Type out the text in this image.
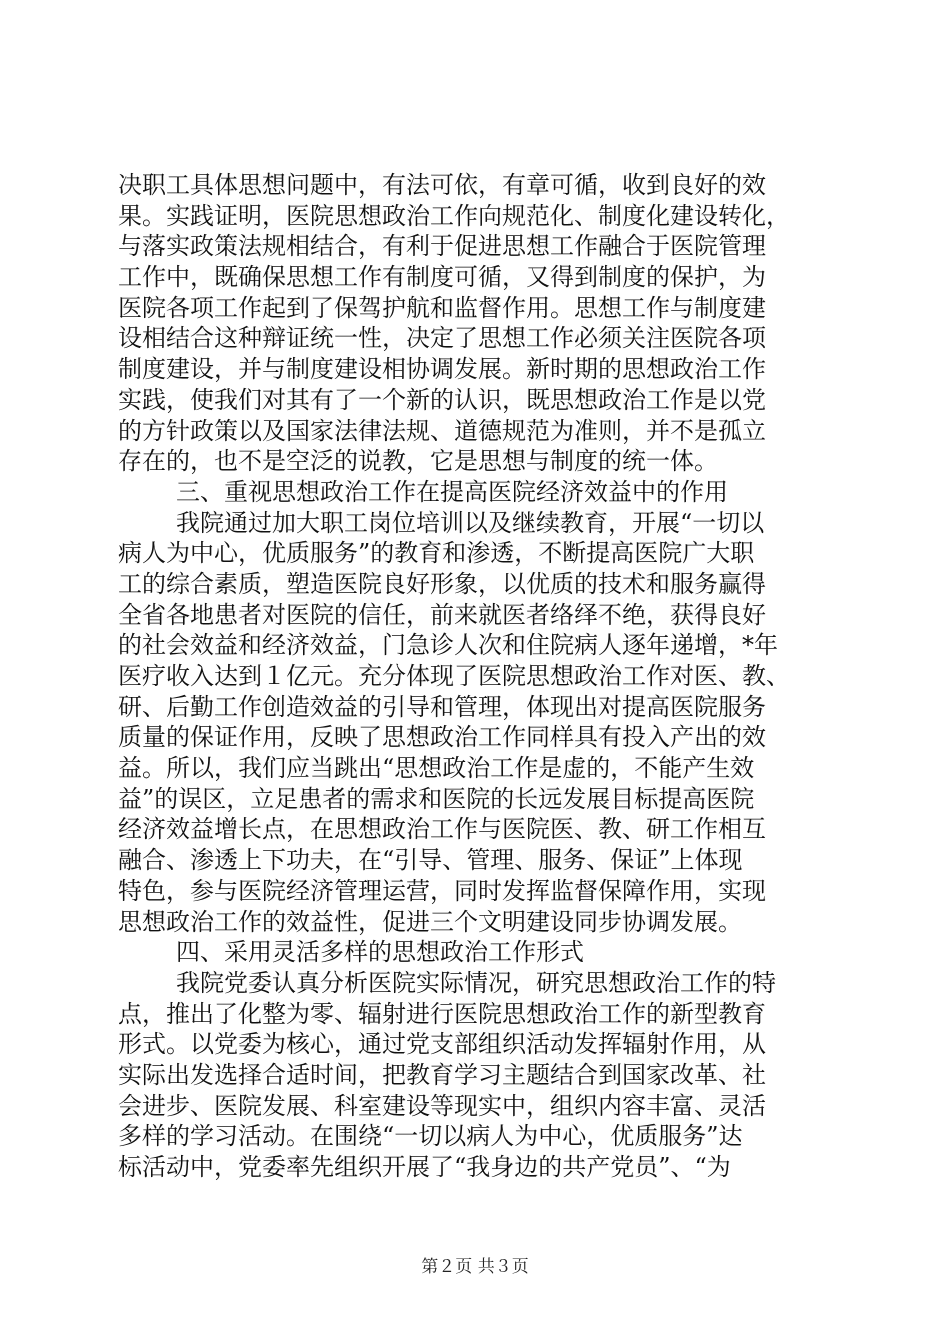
决职工具体思想问题中，有法可依，有章可循，收到良好的效
果。实践证明，医院思想政治工作向规范化、制度化建设转化，
与落实政策法规相结合，有利于促进思想工作融合于医院管理
工作中，既确保思想工作有制度可循，又得到制度的保护，为
医院各项工作起到了保驾护航和监督作用。思想工作与制度建
设相结合这种辩证统一性，决定了思想工作必须关注医院各项
制度建设，并与制度建设相协调发展。新时期的思想政治工作
实践，使我们对其有了一个新的认识，既思想政治工作是以党
的方针政策以及国家法律法规、道德规范为准则，并不是孤立
存在的，也不是空泛的说教，它是思想与制度的统一体。
三、重视思想政治工作在提高医院经济效益中的作用
我院通过加大职工岗位培训以及继续教育，开展“一切以
病人为中心，优质服务”的教育和渗透，不断提高医院广大职
工的综合素质，塑造医院良好形象，以优质的技术和服务赢得
全省各地患者对医院的信任，前来就医者络绎不绝，获得良好
的社会效益和经济效益，门急诊人次和住院病人逐年递增，*年
医疗收入达到１亿元。充分体现了医院思想政治工作对医、教、
研、后勤工作创造效益的引导和管理，体现出对提高医院服务
质量的保证作用，反映了思想政治工作同样具有投入产出的效
益。所以，我们应当跳出“思想政治工作是虚的，不能产生效
益”的误区，立足患者的需求和医院的长远发展目标提高医院
经济效益增长点，在思想政治工作与医院医、教、研工作相互
融合、渗透上下功夫，在“引导、管理、服务、保证”上体现
特色，参与医院经济管理运营，同时发挥监督保障作用，实现
思想政治工作的效益性，促进三个文明建设同步协调发展。
四、采用灵活多样的思想政治工作形式
我院党委认真分析医院实际情况，研究思想政治工作的特
点，推出了化整为零、辐射进行医院思想政治工作的新型教育
形式。以党委为核心，通过党支部组织活动发挥辐射作用，从
实际出发选择合适时间，把教育学习主题结合到国家改革、社
会进步、医院发展、科室建设等现实中，组织内容丰富、灵活
多样的学习活动。在围绕“一切以病人为中心，优质服务”达
标活动中，党委率先组织开展了“我身边的共产党员”、“为
第２页 共３页
